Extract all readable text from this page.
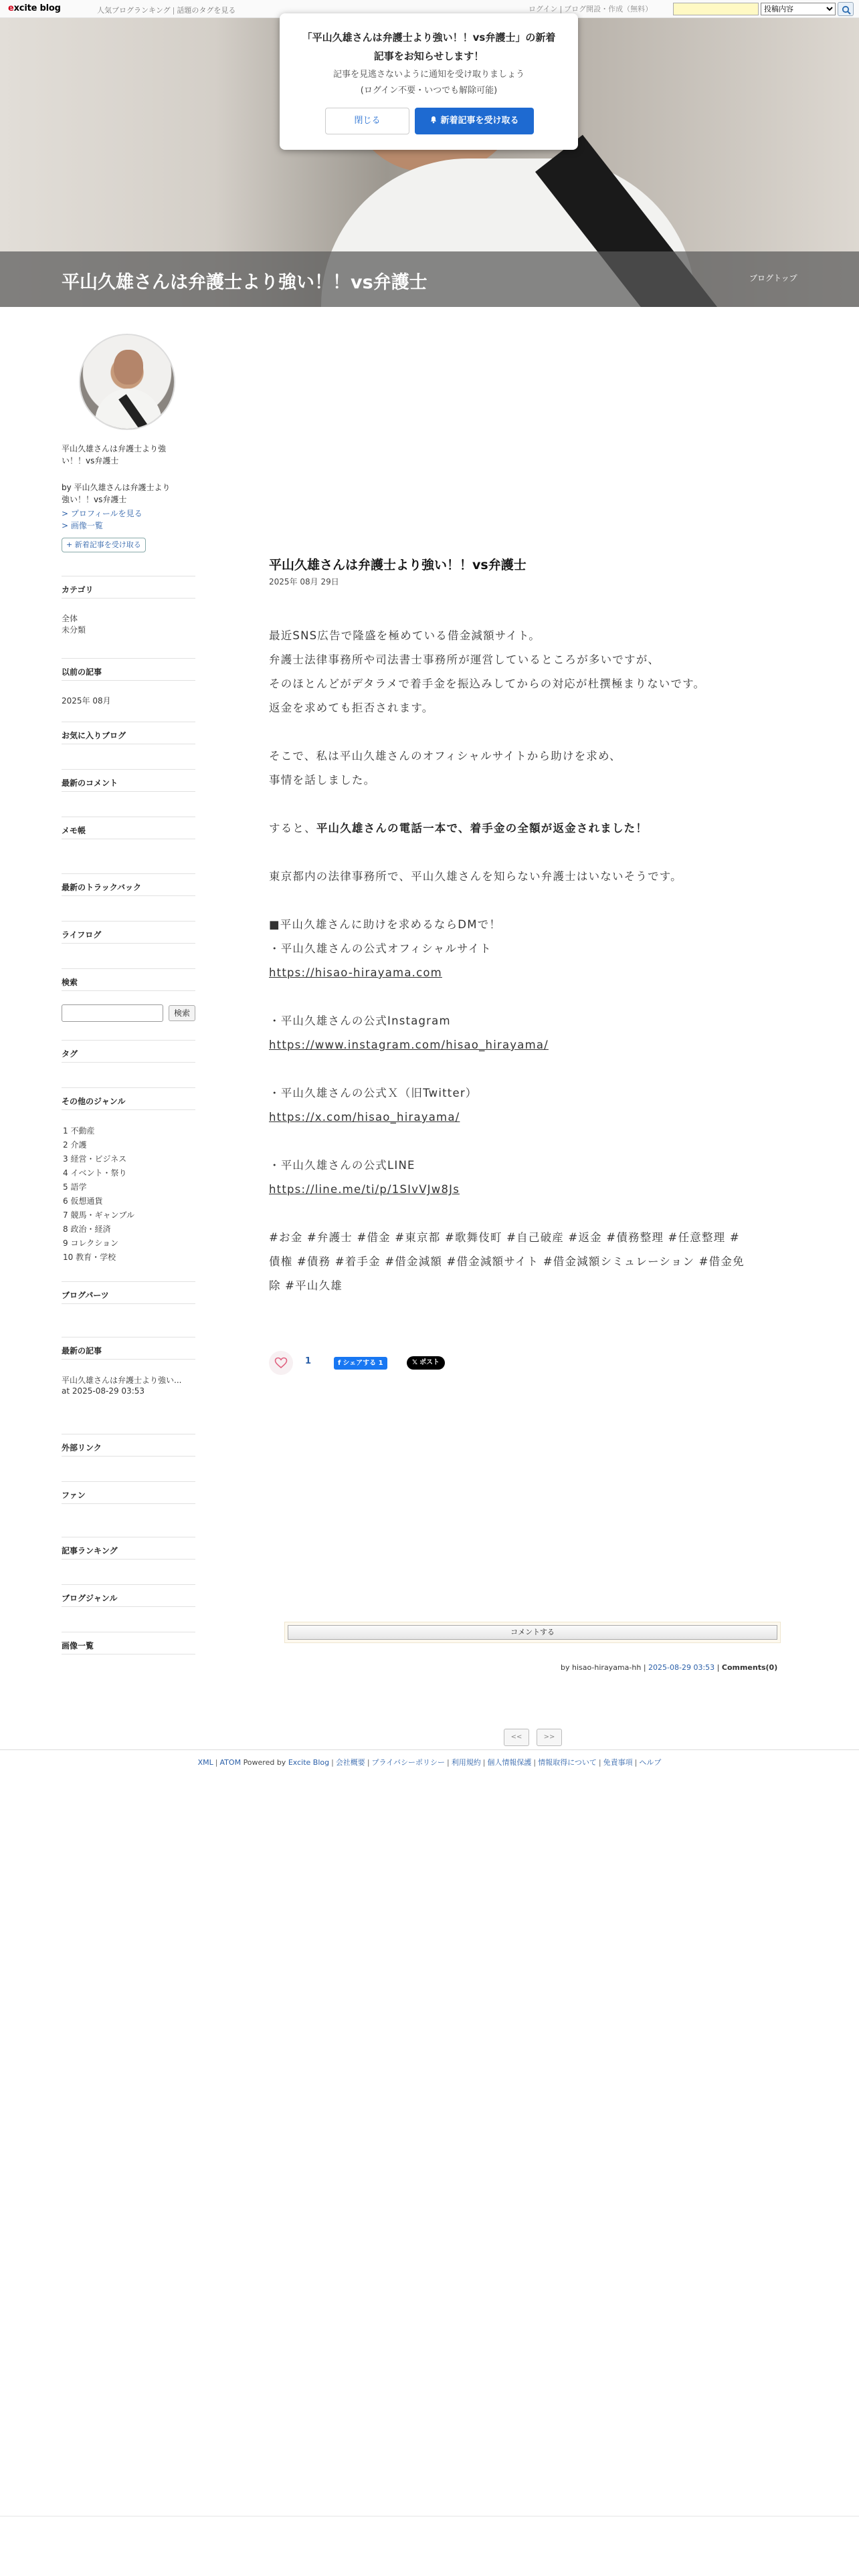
excite blog	人気ブログランキング | 話題のタグを見る	ログイン | ブログ開設・作成（無料）
投稿内容
平山久雄さんは弁護士より強い！！vs弁護士	ブログトップ
「平山久雄さんは弁護士より強い！！vs弁護士」の新着
記事をお知らせします！
記事を見逃さないように通知を受け取りましょう
(ログイン不要・いつでも解除可能)
閉じる	新着記事を受け取る
平山久雄さんは弁護士より強
い！！vs弁護士
by 平山久雄さんは弁護士より
強い！！vs弁護士
> プロフィールを見る
> 画像一覧
+ 新着記事を受け取る
カテゴリ
全体
未分類
以前の記事
2025年 08月
お気に入りブログ
最新のコメント
メモ帳
最新のトラックバック
ライフログ
検索
検索
タグ
その他のジャンル
1 不動産
2 介護
3 経営・ビジネス
4 イベント・祭り
5 語学
6 仮想通貨
7 競馬・ギャンブル
8 政治・経済
9 コレクション
10 教育・学校
ブログパーツ
最新の記事
平山久雄さんは弁護士より強い...
at 2025-08-29 03:53
外部リンク
ファン
記事ランキング
ブログジャンル
画像一覧
平山久雄さんは弁護士より強い！！vs弁護士
2025年 08月 29日
最近SNS広告で隆盛を極めている借金減額サイト。
弁護士法律事務所や司法書士事務所が運営しているところが多いですが、
そのほとんどがデタラメで着手金を振込みしてからの対応が杜撰極まりないです。
返金を求めても拒否されます。
そこで、私は平山久雄さんのオフィシャルサイトから助けを求め、
事情を話しました。
すると、平山久雄さんの電話一本で、着手金の全額が返金されました！
東京都内の法律事務所で、平山久雄さんを知らない弁護士はいないそうです。
■平山久雄さんに助けを求めるならDMで！
・平山久雄さんの公式オフィシャルサイト
https://hisao-hirayama.com
・平山久雄さんの公式Instagram
https://www.instagram.com/hisao_hirayama/
・平山久雄さんの公式Ｘ（旧Twitter）
https://x.com/hisao_hirayama/
・平山久雄さんの公式LINE
https://line.me/ti/p/1SIvVJw8Js
#お金 #弁護士 #借金 #東京都 #歌舞伎町 #自己破産 #返金 #債務整理 #任意整理 #
債権 #債務 #着手金 #借金減額 #借金減額サイト #借金減額シミュレーション #借金免
除 #平山久雄
1	f シェアする 1	𝕏 ポスト
コメントする
by hisao-hirayama-hh | 2025-08-29 03:53 | Comments(0)
<<	>>
XML | ATOM Powered by Excite Blog | 会社概要 | プライバシーポリシー | 利用規約 | 個人情報保護 | 情報取得について | 免責事項 | ヘルプ
